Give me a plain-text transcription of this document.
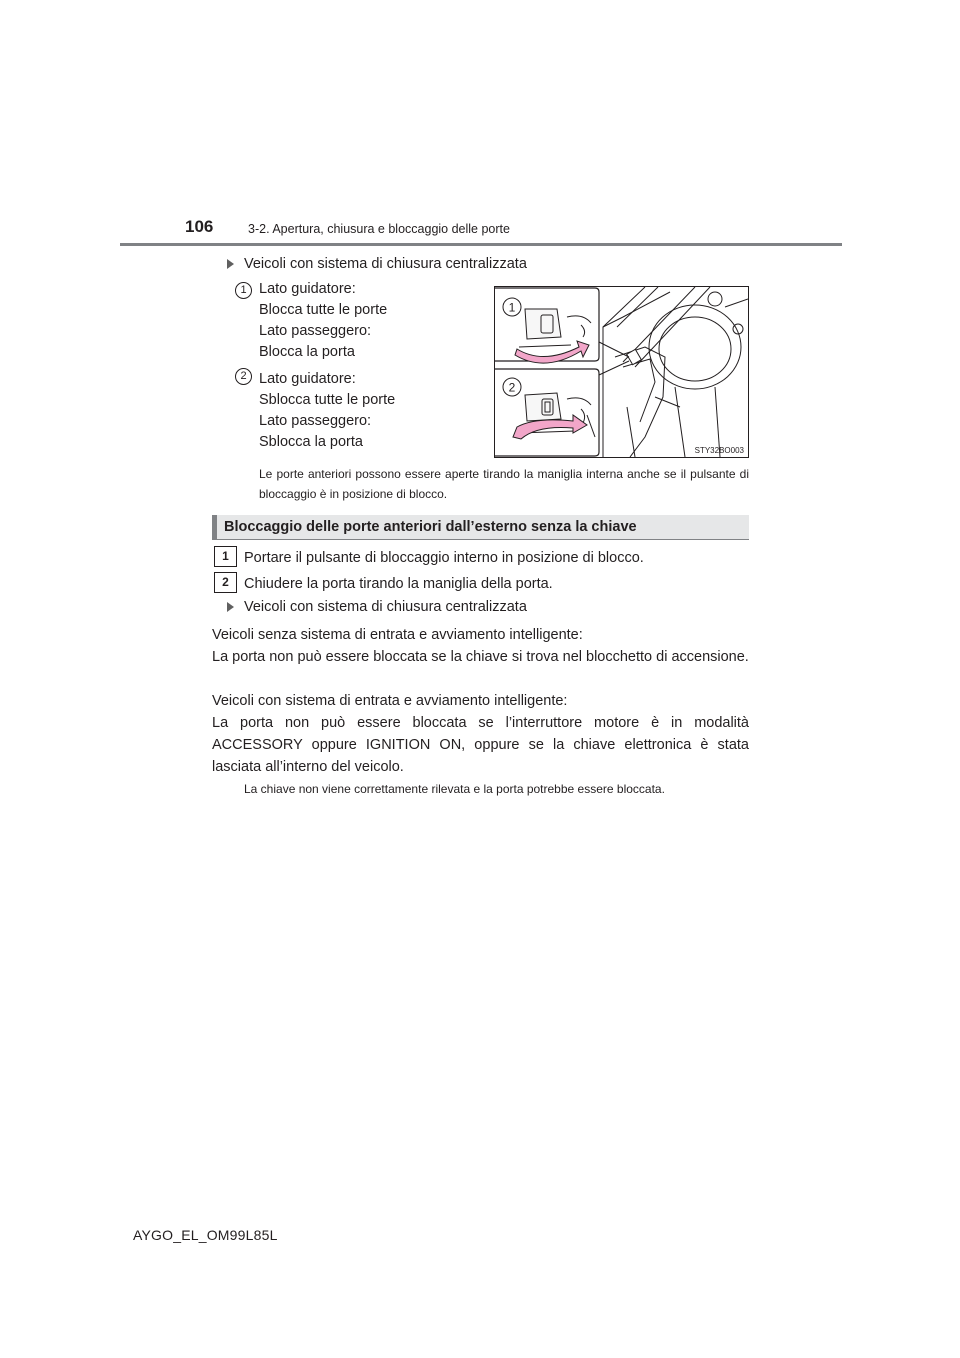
106	3-2. Apertura, chiusura e bloccaggio delle porte
Veicoli con sistema di chiusura centralizzata
1 Lato guidatore:
Blocca tutte le porte
Lato passeggero:
Blocca la porta
2 Lato guidatore:
Sblocca tutte le porte
Lato passeggero:
Sblocca la porta
1
2
STY32BO003
Le porte anteriori possono essere aperte tirando la maniglia interna anche se il pulsante di bloccaggio è in posizione di blocco.
Bloccaggio delle porte anteriori dall’esterno senza la chiave
1	Portare il pulsante di bloccaggio interno in posizione di blocco.
2	Chiudere la porta tirando la maniglia della porta.
Veicoli con sistema di chiusura centralizzata
Veicoli senza sistema di entrata e avviamento intelligente:
La porta non può essere bloccata se la chiave si trova nel blocchetto di accensione.
Veicoli con sistema di entrata e avviamento intelligente:
La porta non può essere bloccata se l’interruttore motore è in modalità ACCESSORY oppure IGNITION ON, oppure se la chiave elettronica è stata lasciata all’interno del veicolo.
La chiave non viene correttamente rilevata e la porta potrebbe essere bloccata.
AYGO_EL_OM99L85L
